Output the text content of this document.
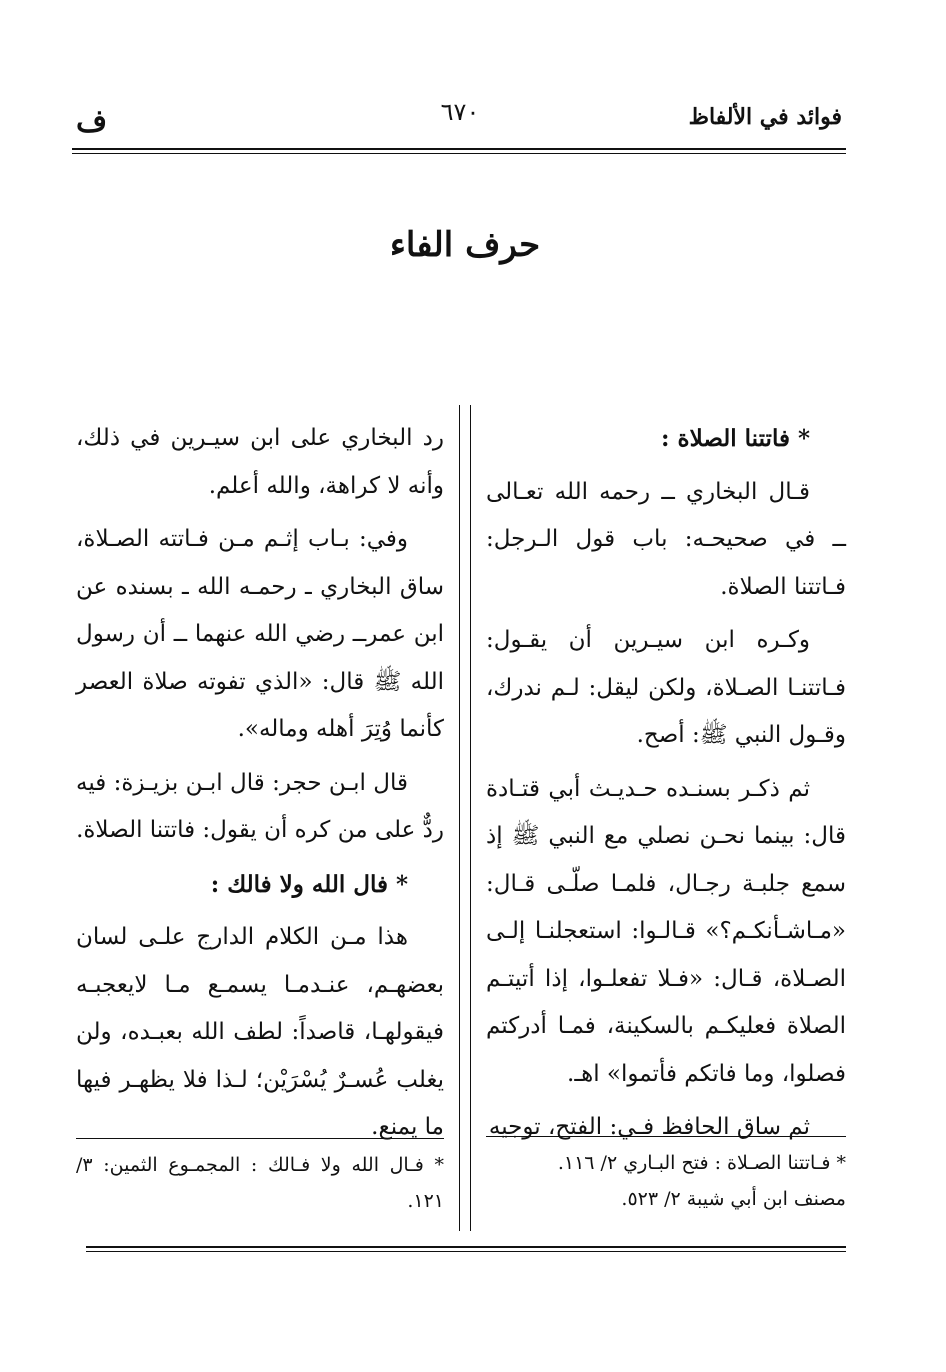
فوائد في الألفاظ
٦٧٠
ف
حرف الفاء

* فاتتنا الصلاة :

قـال البخاري ــ رحمه الله تعـالى ــ في صحيحـه: باب قول الـرجل: فـاتتنا الصلاة.

وكـره ابن سيـرين أن يقـول: فـاتتنـا الصـلاة، ولكن ليقل: لـم ندرك، وقـول النبي ﷺ: أصح.

ثم ذكـر بسنـده حـديـث أبي قتـادة قال: بينما نحـن نصلي مع النبي ﷺ إذ سمع جلبـة رجـال، فلمـا صلّـى قـال: «مـاشـأنكـم؟» قـالـوا: استعجلنـا إلـى الصـلاة، قـال: «فـلا تفعلـوا، إذا أتيتـم الصلاة فعليكـم بالسكينة، فمـا أدركتم فصلوا، وما فاتكم فأتموا» اهـ.

ثم ساق الحافظ فـي: الفتح، توجيه

رد البخاري على ابن سيـرين في ذلك، وأنه لا كراهة، والله أعلم.

وفي: بـاب إثـم مـن فـاتته الصـلاة، ساق البخاري ـ رحمـه الله ـ بسنده عن ابن عمرــ رضي الله عنهما ــ أن رسول الله ﷺ قال: «الذي تفوته صلاة العصر كأنما وُتِرَ أهله وماله».

قال ابـن حجر: قال ابـن بزيـزة: فيه ردٌّ على من كره أن يقول: فاتتنا الصلاة.

* فال الله ولا فالك :

هذا مـن الكلام الدارج علـى لسان بعضهـم، عنـدمـا يسمـع مـا لايعجبـه فيقولهـا، قاصداً: لطف الله بعبـده، ولن يغلب عُسـرٌ يُسْرَيْن؛ لـذا فلا يظهـر فيها ما يمنع.

* فـاتتنا الصـلاة : فتح البـاري ٢/ ١١٦.

مصنف ابن أبي شيبة ٢/ ٥٢٣.

* فـال الله ولا فـالك : المجمـوع الثمين: ٣/ ١٢١.
